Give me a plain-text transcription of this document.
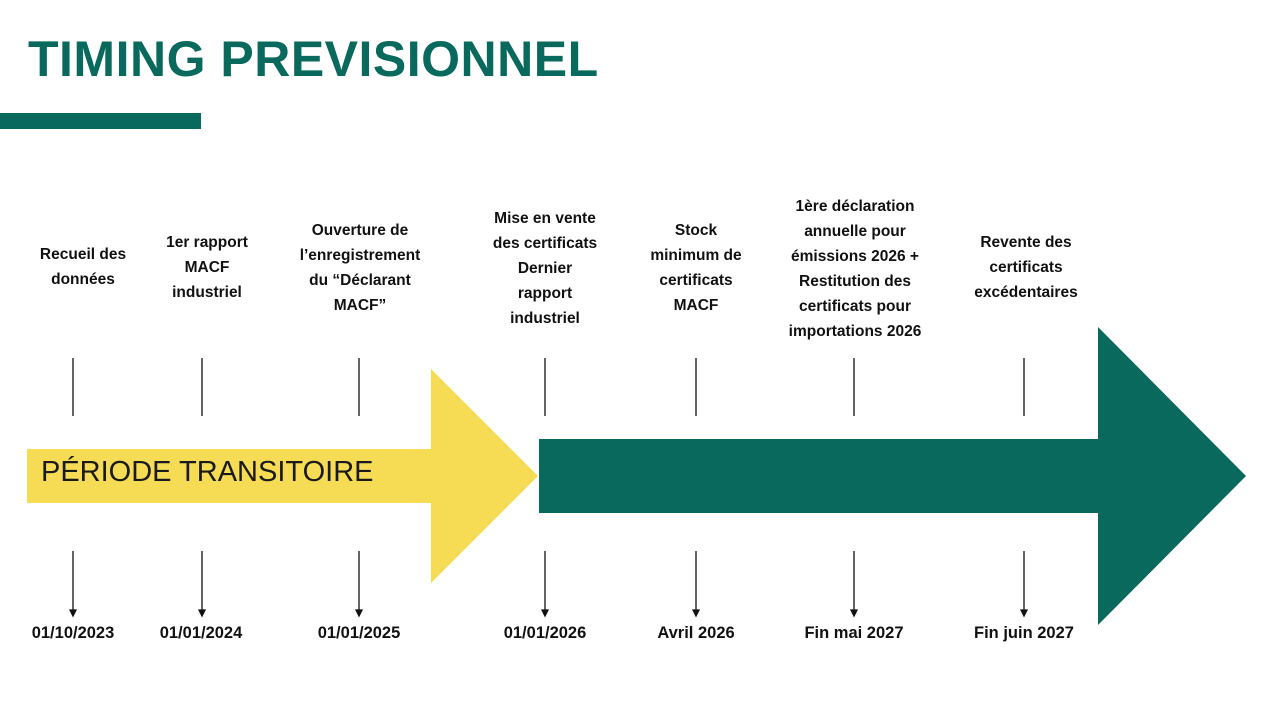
TIMING PREVISIONNEL
PÉRIODE TRANSITOIRE
Recueil des
données
1er rapport
MACF
industriel
Ouverture de
l’enregistrement
du “Déclarant
MACF”
Mise en vente
des certificats
Dernier
rapport
industriel
Stock
minimum de
certificats
MACF
1ère déclaration
annuelle pour
émissions 2026 +
Restitution des
certificats pour
importations 2026
Revente des
certificats
excédentaires
01/10/2023	01/01/2024	01/01/2025	01/01/2026	Avril 2026	Fin mai 2027	Fin juin 2027
